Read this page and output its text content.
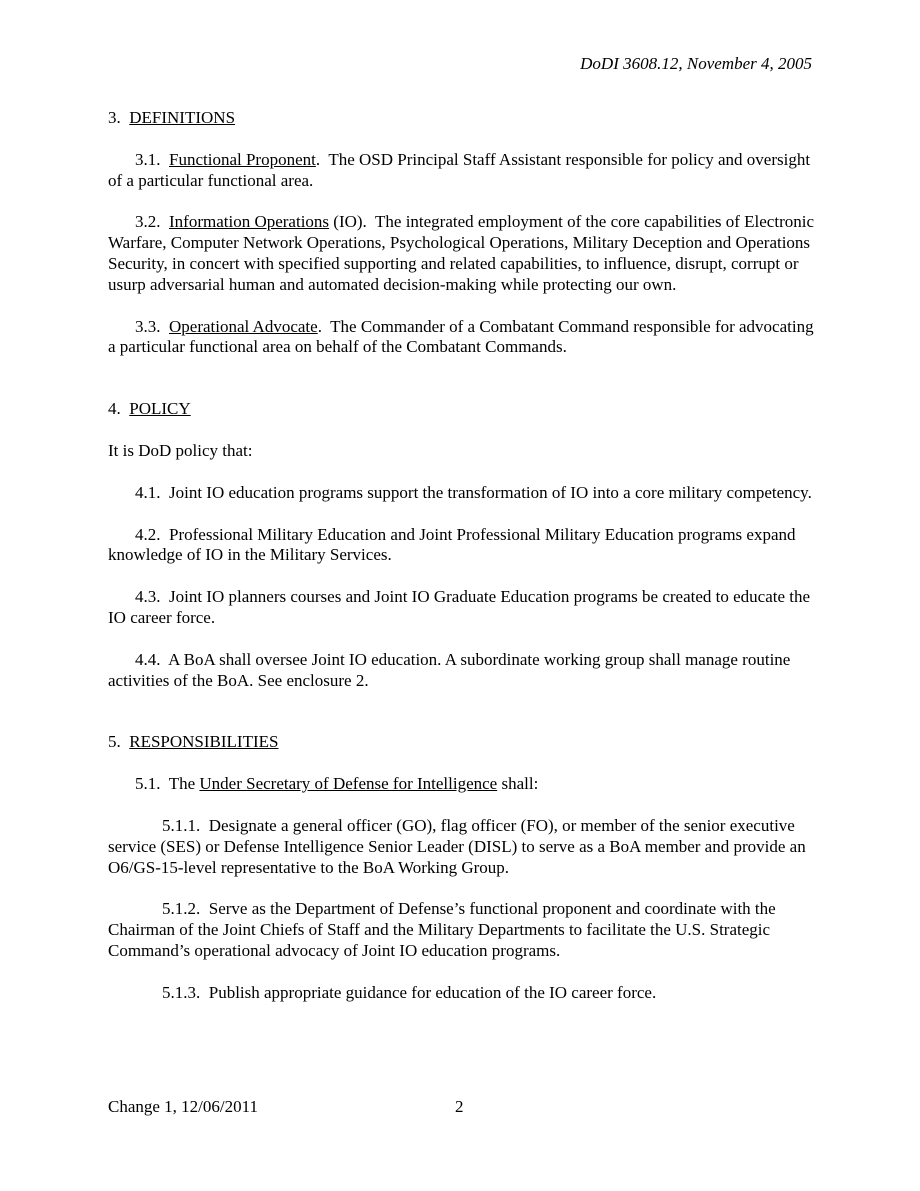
DoDI 3608.12, November 4, 2005

3. DEFINITIONS

3.1. Functional Proponent. The OSD Principal Staff Assistant responsible for policy and oversight of a particular functional area.

3.2. Information Operations (IO). The integrated employment of the core capabilities of Electronic Warfare, Computer Network Operations, Psychological Operations, Military Deception and Operations Security, in concert with specified supporting and related capabilities, to influence, disrupt, corrupt or usurp adversarial human and automated decision-making while protecting our own.

3.3. Operational Advocate. The Commander of a Combatant Command responsible for advocating a particular functional area on behalf of the Combatant Commands.

4. POLICY

It is DoD policy that:

4.1. Joint IO education programs support the transformation of IO into a core military competency.

4.2. Professional Military Education and Joint Professional Military Education programs expand knowledge of IO in the Military Services.

4.3. Joint IO planners courses and Joint IO Graduate Education programs be created to educate the IO career force.

4.4. A BoA shall oversee Joint IO education. A subordinate working group shall manage routine activities of the BoA. See enclosure 2.

5. RESPONSIBILITIES

5.1. The Under Secretary of Defense for Intelligence shall:

5.1.1. Designate a general officer (GO), flag officer (FO), or member of the senior executive service (SES) or Defense Intelligence Senior Leader (DISL) to serve as a BoA member and provide an O6/GS-15-level representative to the BoA Working Group.

5.1.2. Serve as the Department of Defense’s functional proponent and coordinate with the Chairman of the Joint Chiefs of Staff and the Military Departments to facilitate the U.S. Strategic Command’s operational advocacy of Joint IO education programs.

5.1.3. Publish appropriate guidance for education of the IO career force.

Change 1, 12/06/2011	2
